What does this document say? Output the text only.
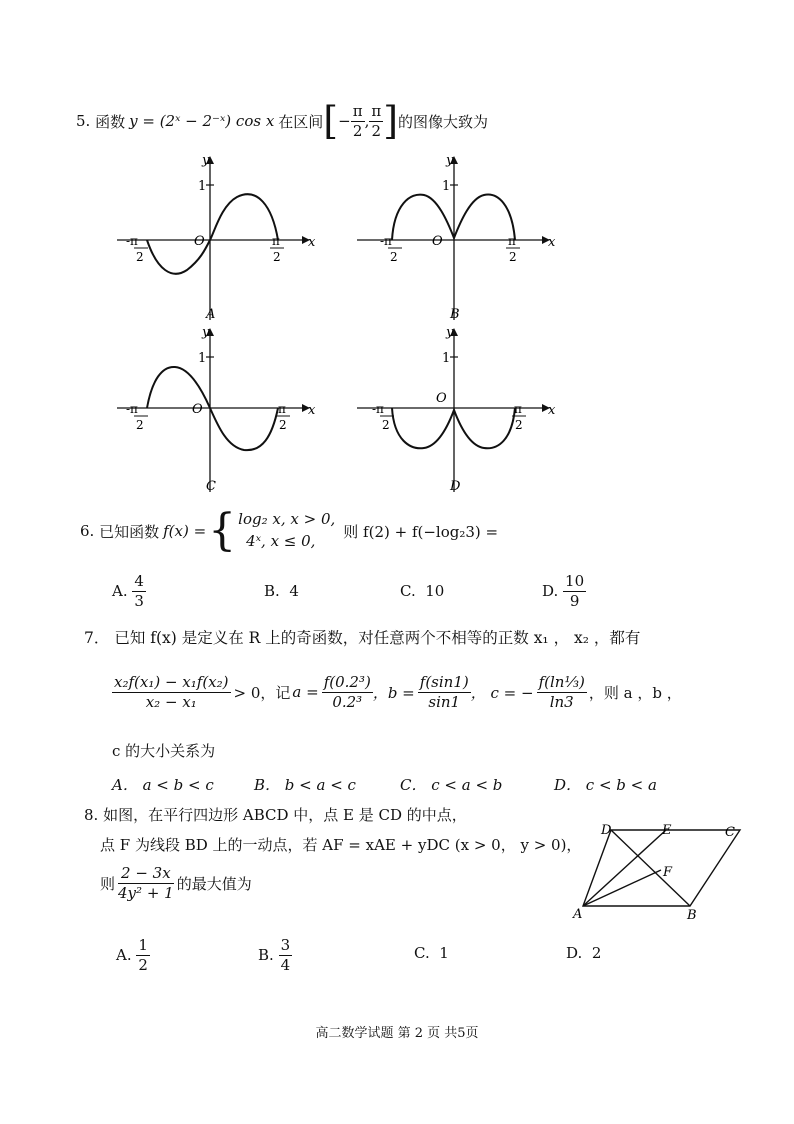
5.
函数 y = (2ˣ − 2⁻ˣ) cos x 在区间 [ − $\frac{\pi}{2}$ , $\frac{\pi}{2}$ ] 的图像大致为
y
1
x
O
-π
2
π
2
A
y
1
x
O
-π
2
π
2
B
y
1
x
O
-π
2
π
2
C
y
1
x
O
-π
2
π
2
D
6.
已知函数 f(x) = { log₂ x, x > 0,
4ˣ, x ≤ 0,
则 f(2) + f(−log₂3) =
A.
$\frac{4}{3}$	B. 4	C. 10	D.
$\frac{10}{9}$
7． 已知 f(x) 是定义在 R 上的奇函数，对任意两个不相等的正数 x₁ ， x₂ ，都有
$\frac{\text{x₂f(x₁) − x₁f(x₂)}}{\text{x₂ − x₁}} > 0$，记 $a = \frac{\text{f(0.2³)}}{\text{0.2³}}$ ，$b = \frac{f(\sin 1)}{\sin 1}$ ， c = − $\frac{\text{f(ln⅓)}}{\ln 3}$ ，则 a ，b ，
c 的大小关系为
A． a < b < c	B． b < a < c	C． c < a < b	D． c < b < a
8. 如图，在平行四边形 ABCD 中，点 E 是 CD 的中点，
点 F 为线段 BD 上的一动点，若 AF = xAE + yDC (x > 0， y > 0)，
则 $\frac{2 - 3x}{\text{4y² + 1}}$ 的最大值为
A	B
C
D	E
F
A.
$\frac{1}{2}$	B.
$\frac{3}{4}$	C. 1	D. 2
高二数学试题 第 2 页 共5页
